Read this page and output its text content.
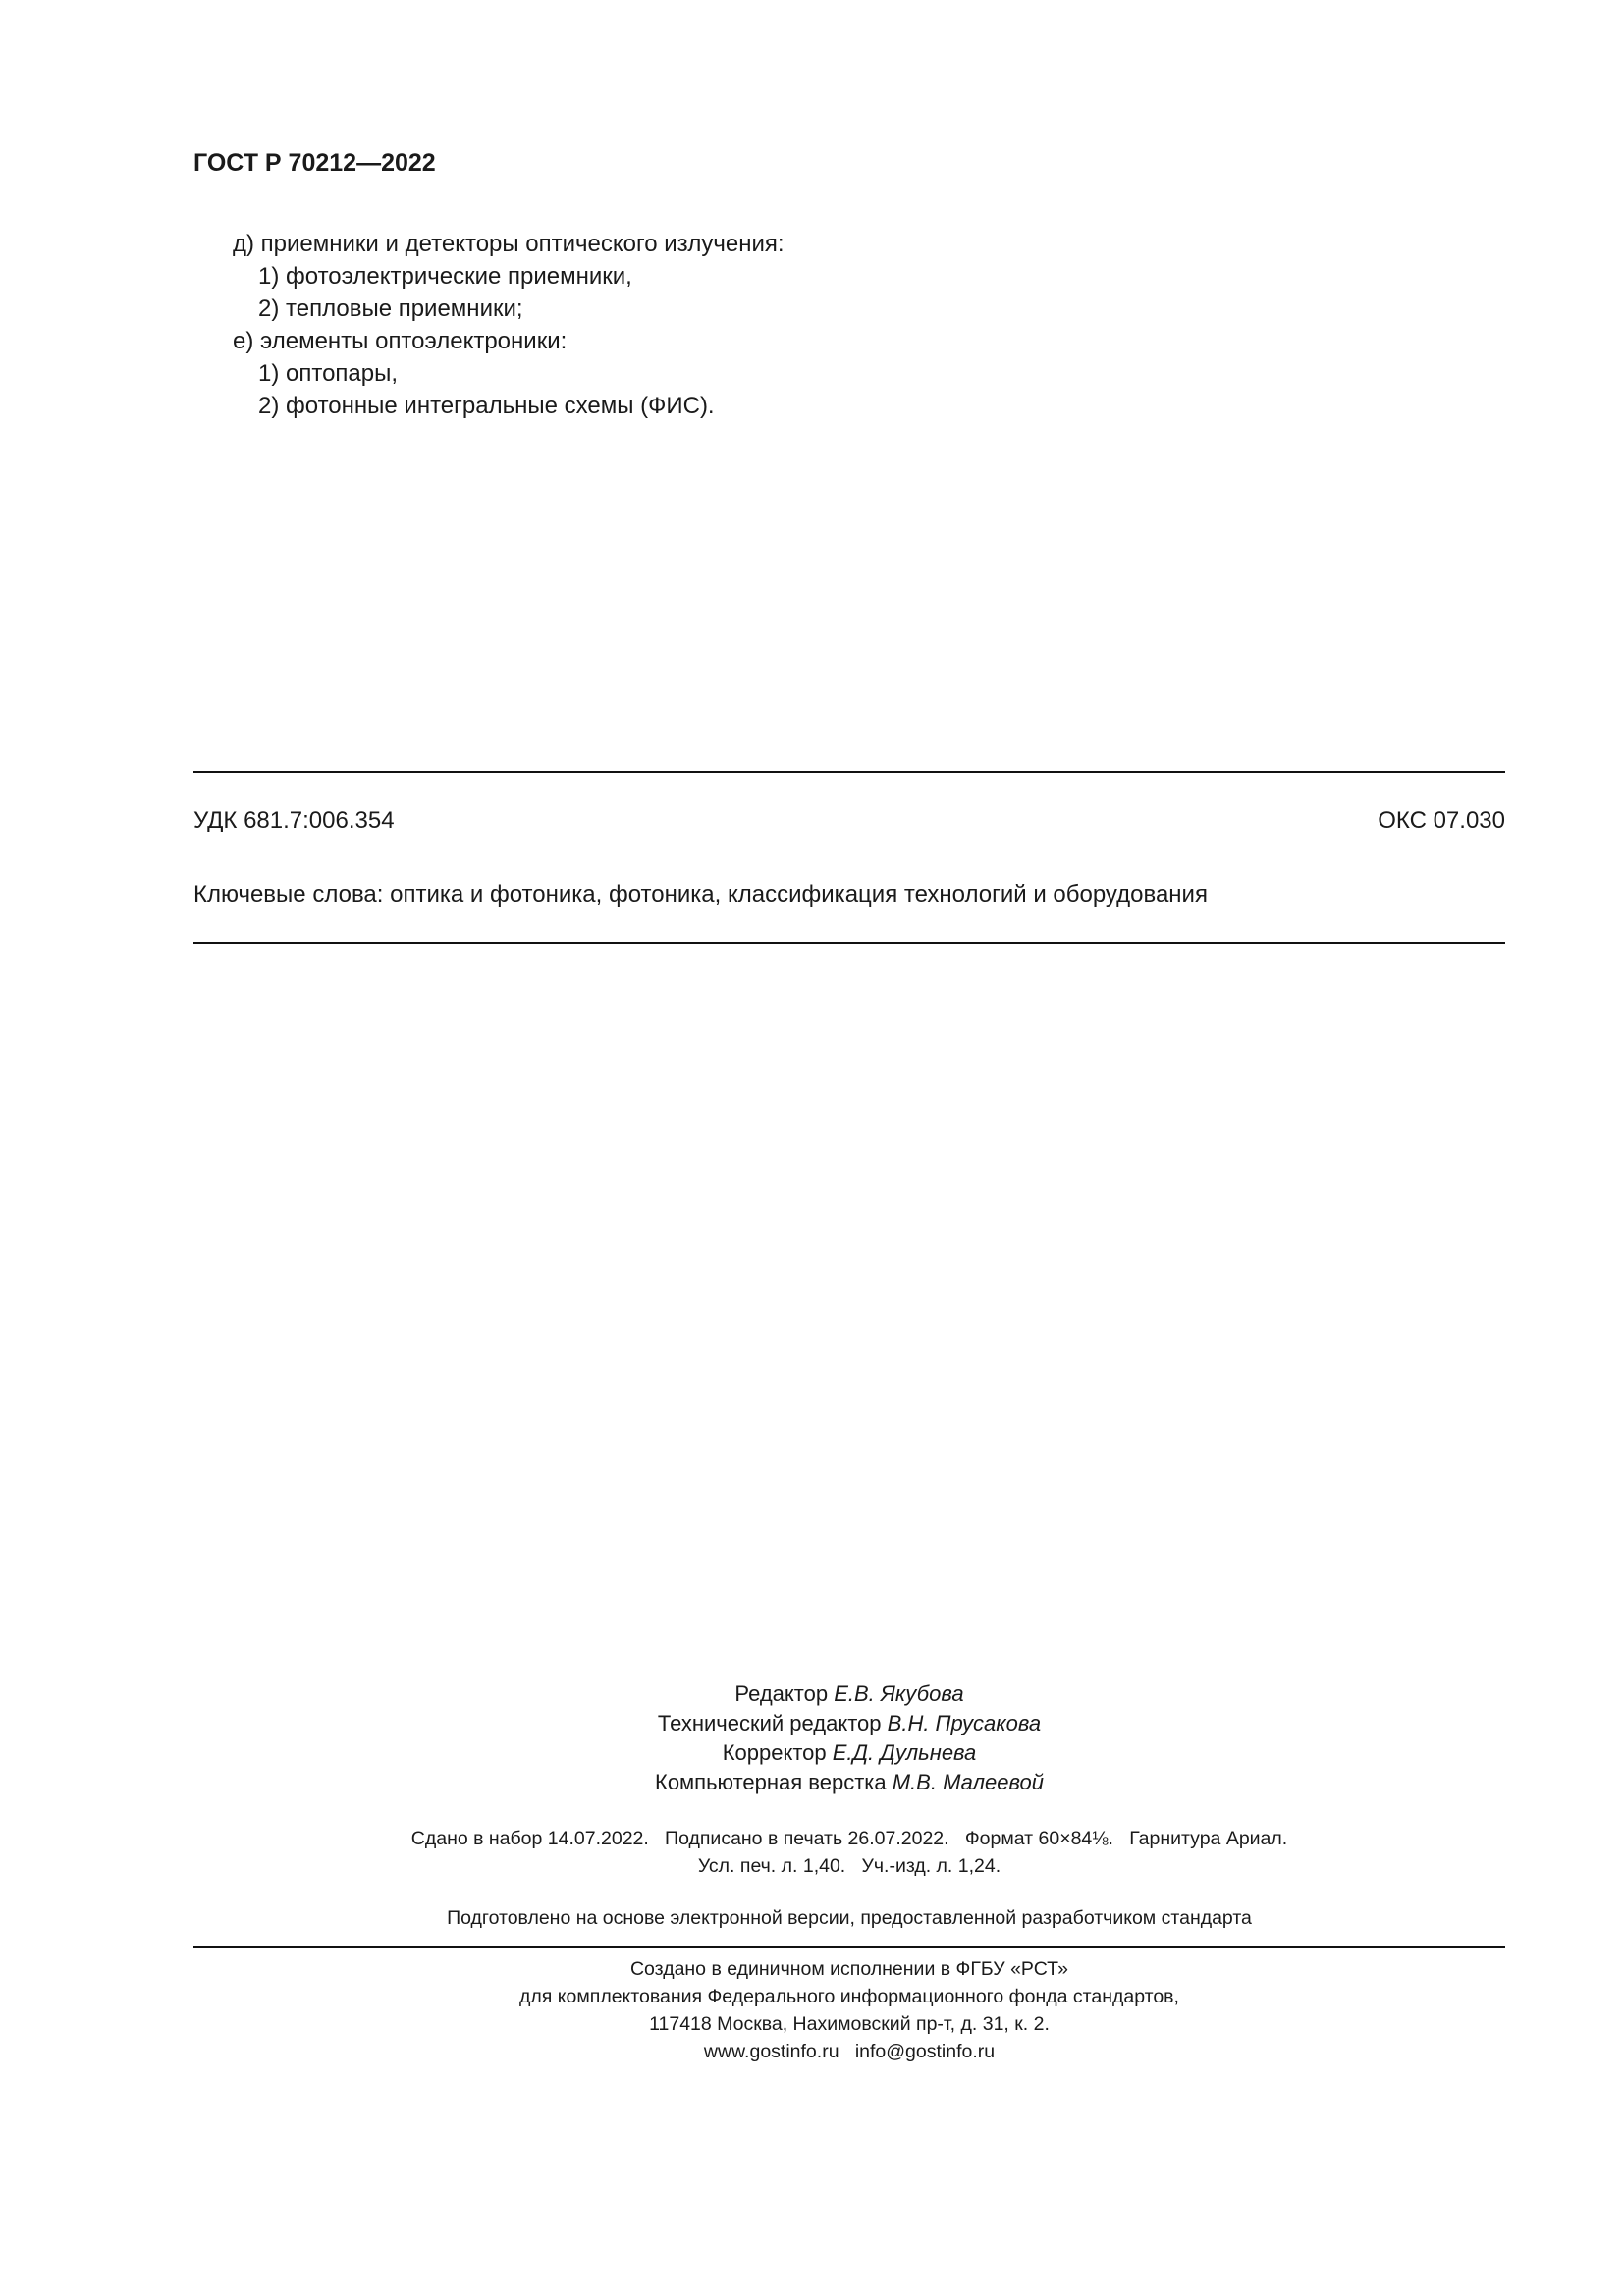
ГОСТ Р 70212—2022
д) приемники и детекторы оптического излучения:
1) фотоэлектрические приемники,
2) тепловые приемники;
е) элементы оптоэлектроники:
1) оптопары,
2) фотонные интегральные схемы (ФИС).
УДК 681.7:006.354	ОКС 07.030
Ключевые слова: оптика и фотоника, фотоника, классификация технологий и оборудования
Редактор Е.В. Якубова
Технический редактор В.Н. Прусакова
Корректор Е.Д. Дульнева
Компьютерная верстка М.В. Малеевой
Сдано в набор 14.07.2022.   Подписано в печать 26.07.2022.   Формат 60×84⅛.   Гарнитура Ариал.
Усл. печ. л. 1,40.   Уч.-изд. л. 1,24.
Подготовлено на основе электронной версии, предоставленной разработчиком стандарта
Создано в единичном исполнении в ФГБУ «РСТ»
для комплектования Федерального информационного фонда стандартов,
117418 Москва, Нахимовский пр-т, д. 31, к. 2.
www.gostinfo.ru info@gostinfo.ru
